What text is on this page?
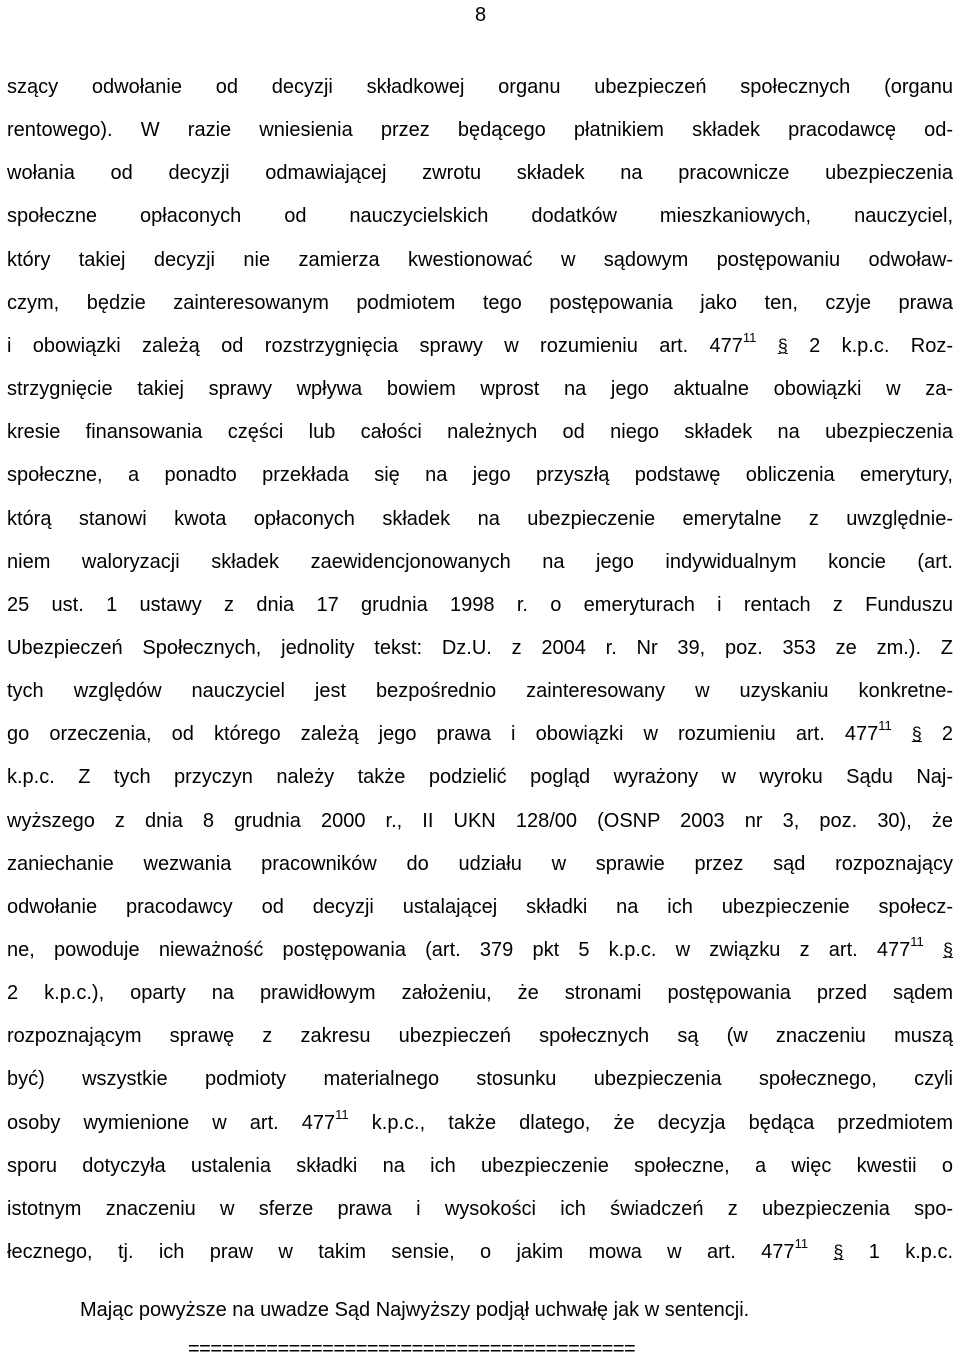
8
szący odwołanie od decyzji składkowej organu ubezpieczeń społecznych (organu
rentowego). W razie wniesienia przez będącego płatnikiem składek pracodawcę od-
wołania od decyzji odmawiającej zwrotu składek na pracownicze ubezpieczenia
społeczne opłaconych od nauczycielskich dodatków mieszkaniowych, nauczyciel,
który takiej decyzji nie zamierza kwestionować w sądowym postępowaniu odwoław-
czym, będzie zainteresowanym podmiotem tego postępowania jako ten, czyje prawa
i obowiązki zależą od rozstrzygnięcia sprawy w rozumieniu art. $477^{11}$ § 2 k.p.c. Roz-
strzygnięcie takiej sprawy wpływa bowiem wprost na jego aktualne obowiązki w za-
kresie finansowania części lub całości należnych od niego składek na ubezpieczenia
społeczne, a ponadto przekłada się na jego przyszłą podstawę obliczenia emerytury,
którą stanowi kwota opłaconych składek na ubezpieczenie emerytalne z uwzględnie-
niem waloryzacji składek zaewidencjonowanych na jego indywidualnym koncie (art.
25 ust. 1 ustawy z dnia 17 grudnia 1998 r. o emeryturach i rentach z Funduszu
Ubezpieczeń Społecznych, jednolity tekst: Dz.U. z 2004 r. Nr 39, poz. 353 ze zm.). Z
tych względów nauczyciel jest bezpośrednio zainteresowany w uzyskaniu konkretne-
go orzeczenia, od którego zależą jego prawa i obowiązki w rozumieniu art. $477^{11}$ § 2
k.p.c. Z tych przyczyn należy także podzielić pogląd wyrażony w wyroku Sądu Naj-
wyższego z dnia 8 grudnia 2000 r., II UKN 128/00 (OSNP 2003 nr 3, poz. 30), że
zaniechanie wezwania pracowników do udziału w sprawie przez sąd rozpoznający
odwołanie pracodawcy od decyzji ustalającej składki na ich ubezpieczenie społecz-
ne, powoduje nieważność postępowania (art. 379 pkt 5 k.p.c. w związku z art. $477^{11}$ §
2 k.p.c.), oparty na prawidłowym założeniu, że stronami postępowania przed sądem
rozpoznającym sprawę z zakresu ubezpieczeń społecznych są (w znaczeniu muszą
być) wszystkie podmioty materialnego stosunku ubezpieczenia społecznego, czyli
osoby wymienione w art. $477^{11}$ k.p.c., także dlatego, że decyzja będąca przedmiotem
sporu dotyczyła ustalenia składki na ich ubezpieczenie społeczne, a więc kwestii o
istotnym znaczeniu w sferze prawa i wysokości ich świadczeń z ubezpieczenia spo-
łecznego, tj. ich praw w takim sensie, o jakim mowa w art. $477^{11}$ § 1 k.p.c.
Mając powyższe na uwadze Sąd Najwyższy podjął uchwałę jak w sentencji.
========================================
